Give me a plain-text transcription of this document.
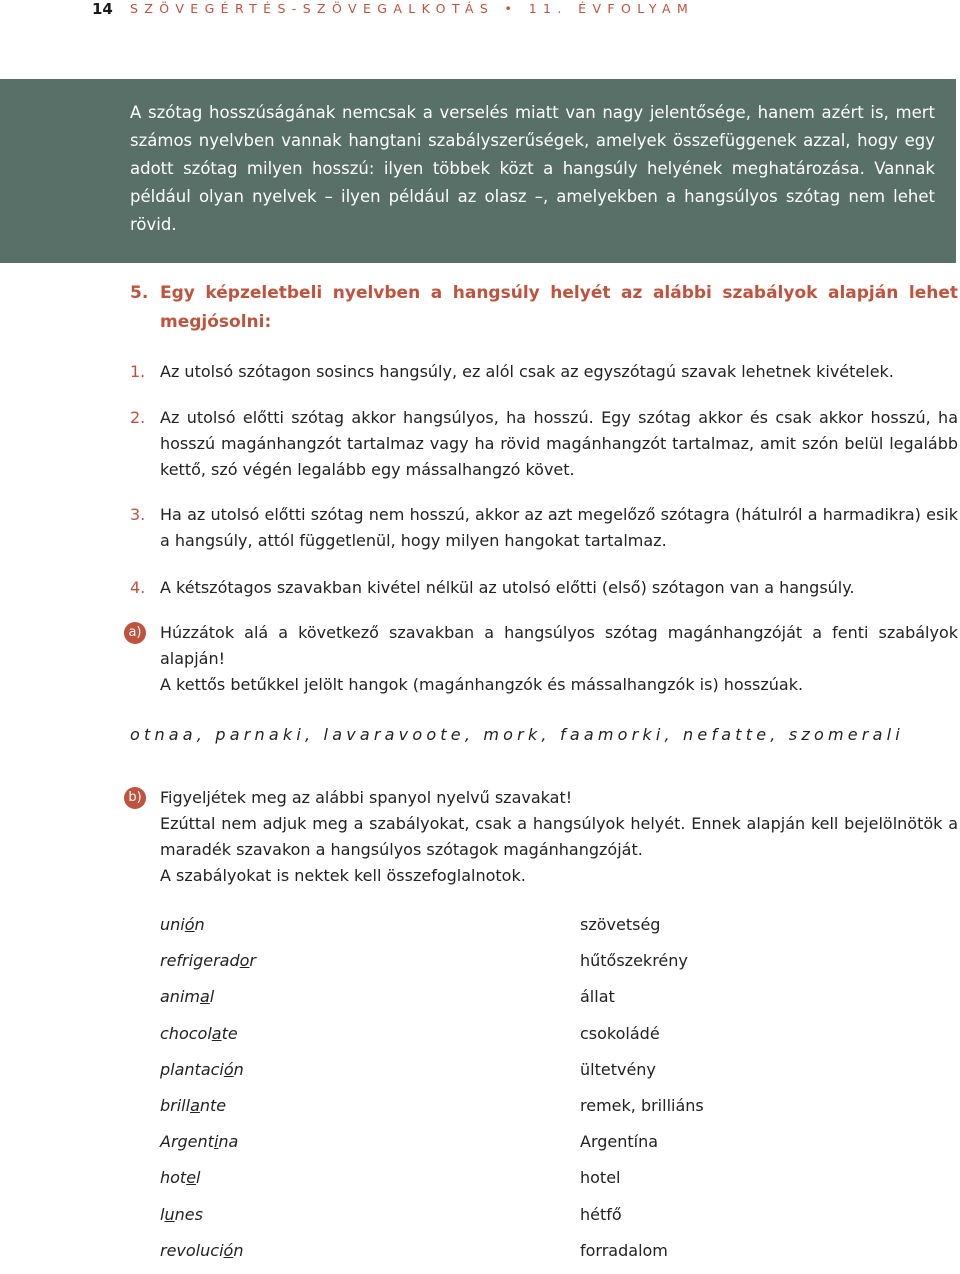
14 SZÖVEGÉRTÉS-SZÖVEGALKOTÁS • 11. ÉVFOLYAM

A szótag hosszúságának nemcsak a verselés miatt van nagy jelentősége, hanem azért is, mert számos nyelvben vannak hangtani szabályszerűségek, amelyek összefüggenek azzal, hogy egy adott szótag milyen hosszú: ilyen többek közt a hangsúly helyének meghatározása. Vannak például olyan nyelvek – ilyen például az olasz –, amelyekben a hangsúlyos szótag nem lehet rövid.

5. Egy képzeletbeli nyelvben a hangsúly helyét az alábbi szabályok alapján lehet megjósolni:
1. Az utolsó szótagon sosincs hangsúly, ez alól csak az egyszótagú szavak lehetnek kivételek.
2. Az utolsó előtti szótag akkor hangsúlyos, ha hosszú. Egy szótag akkor és csak akkor hosszú, ha hosszú magánhangzót tartalmaz vagy ha rövid magánhangzót tartalmaz, amit szón belül legalább kettő, szó végén legalább egy mássalhangzó követ.
3. Ha az utolsó előtti szótag nem hosszú, akkor az azt megelőző szótagra (hátulról a harmadikra) esik a hangsúly, attól függetlenül, hogy milyen hangokat tartalmaz.
4. A kétszótagos szavakban kivétel nélkül az utolsó előtti (első) szótagon van a hangsúly.
a) Húzzátok alá a következő szavakban a hangsúlyos szótag magánhangzóját a fenti szabályok alapján!
A kettős betűkkel jelölt hangok (magánhangzók és mássalhangzók is) hosszúak.
otnaa, parnaki, lavaravoote, mork, faamorki, nefatte, szomerali
b) Figyeljétek meg az alábbi spanyol nyelvű szavakat!
Ezúttal nem adjuk meg a szabályokat, csak a hangsúlyok helyét. Ennek alapján kell bejelölnötök a maradék szavakon a hangsúlyos szótagok magánhangzóját.
A szabályokat is nektek kell összefoglalnotok.
unión
refrigerador
animal
chocolate
plantación
brillante
Argentina
hotel
lunes
revolución
szövetség
hűtőszekrény
állat
csokoládé
ültetvény
remek, brilliáns
Argentína
hotel
hétfő
forradalom
